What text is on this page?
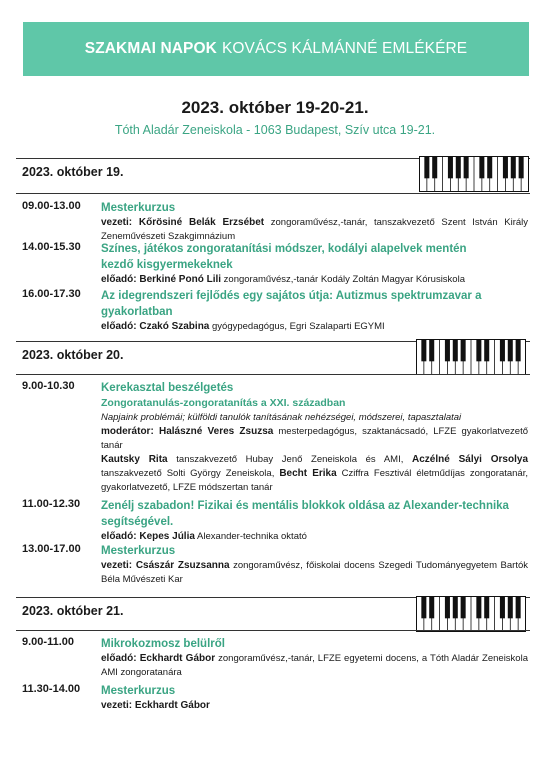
SZAKMAI NAPOK KOVÁCS KÁLMÁNNÉ EMLÉKÉRE
2023. október 19-20-21.
Tóth Aladár Zeneiskola - 1063 Budapest, Szív utca 19-21.
2023. október 19.
09.00-13.00 Mesterkurzus
vezeti: Kőrösiné Belák Erzsébet zongoraművész,-tanár, tanszakvezető Szent István Király Zeneművészeti Szakgimnázium
14.00-15.30 Színes, játékos zongoratanítási módszer, kodályi alapelvek mentén kezdő kisgyermekeknek
előadó: Berkiné Ponó Lili zongoraművész,-tanár Kodály Zoltán Magyar Kórusiskola
16.00-17.30 Az idegrendszeri fejlődés egy sajátos útja: Autizmus spektrumzavar a gyakorlatban
előadó: Czakó Szabina gyógypedagógus, Egri Szalaparti EGYMI
2023. október 20.
9.00-10.30 Kerekasztal beszélgetés
Zongoratanulás-zongoratanítás a XXI. században
Napjaink problémái; külföldi tanulók tanításának nehézségei, módszerei, tapasztalatai
moderátor: Halászné Veres Zsuzsa mesterpedagógus, szaktanácsadó, LFZE gyakorlatvezető tanár
Kautsky Rita tanszakvezető Hubay Jenő Zeneiskola és AMI, Aczélné Sályi Orsolya tanszakvezető Solti György Zeneiskola, Becht Erika Cziffra Fesztivál életműdíjas zongoratanár, gyakorlatvezető, LFZE módszertan tanár
11.00-12.30 Zenélj szabadon! Fizikai és mentális blokkok oldása az Alexander-technika segítségével.
előadó: Kepes Júlia Alexander-technika oktató
13.00-17.00 Mesterkurzus
vezeti: Császár Zsuzsanna zongoraművész, főiskolai docens Szegedi Tudományegyetem Bartók Béla Művészeti Kar
2023. október 21.
9.00-11.00 Mikrokozmosz belülről
előadó: Eckhardt Gábor zongoraművész,-tanár, LFZE egyetemi docens, a Tóth Aladár Zeneiskola AMI zongoratanára
11.30-14.00 Mesterkurzus
vezeti: Eckhardt Gábor
